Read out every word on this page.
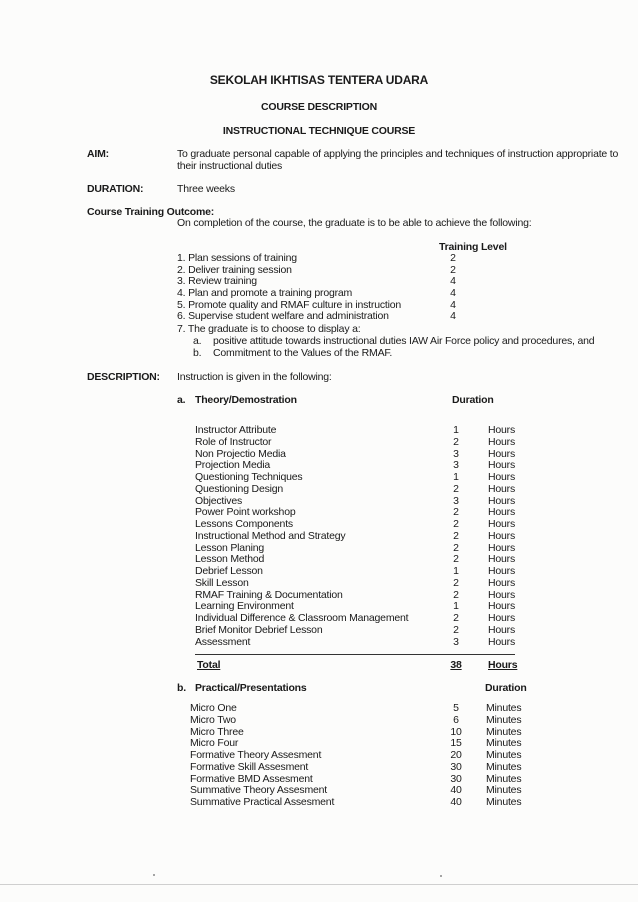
SEKOLAH IKHTISAS TENTERA UDARA
COURSE DESCRIPTION
INSTRUCTIONAL TECHNIQUE COURSE
AIM:	To graduate personal capable of applying the principles and techniques of instruction appropriate to
their instructional duties
DURATION:	Three weeks
Course Training Outcome:
On completion of the course, the graduate is to be able to achieve the following:
Training Level
1. Plan sessions of training	2
2. Deliver training session	2
3. Review training	4
4. Plan and promote a training program	4
5. Promote quality and RMAF culture in instruction	4
6. Supervise student welfare and administration	4
7. The graduate is to choose to display a:
a. positive attitude towards instructional duties IAW Air Force policy and procedures, and
b. Commitment to the Values of the RMAF.
DESCRIPTION: Instruction is given in the following:
a. Theory/Demostration	Duration
Instructor Attribute	1	Hours
Role of Instructor	2	Hours
Non Projectio Media	3	Hours
Projection Media	3	Hours
Questioning Techniques	1	Hours
Questioning Design	2	Hours
Objectives	3	Hours
Power Point workshop	2	Hours
Lessons Components	2	Hours
Instructional Method and Strategy	2	Hours
Lesson Planing	2	Hours
Lesson Method	2	Hours
Debrief Lesson	1	Hours
Skill Lesson	2	Hours
RMAF Training & Documentation	2	Hours
Learning Environment	1	Hours
Individual Difference & Classroom Management	2	Hours
Brief Monitor Debrief Lesson	2	Hours
Assessment	3	Hours
Total	38	Hours
b. Practical/Presentations	Duration
Micro One	5	Minutes
Micro Two	6	Minutes
Micro Three	10	Minutes
Micro Four	15	Minutes
Formative Theory Assesment	20	Minutes
Formative Skill Assesment	30	Minutes
Formative BMD Assesment	30	Minutes
Summative Theory Assesment	40	Minutes
Summative Practical Assesment	40	Minutes
